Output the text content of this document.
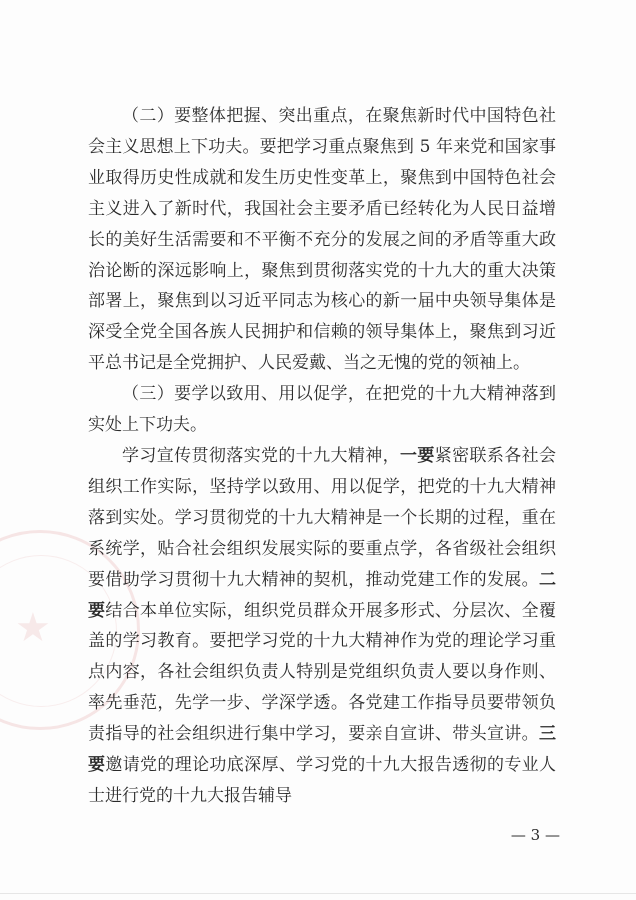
★

（二）要整体把握、突出重点，在聚焦新时代中国特色社会主义思想上下功夫。要把学习重点聚焦到 5 年来党和国家事业取得历史性成就和发生历史性变革上，聚焦到中国特色社会主义进入了新时代，我国社会主要矛盾已经转化为人民日益增长的美好生活需要和不平衡不充分的发展之间的矛盾等重大政治论断的深远影响上，聚焦到贯彻落实党的十九大的重大决策部署上，聚焦到以习近平同志为核心的新一届中央领导集体是深受全党全国各族人民拥护和信赖的领导集体上，聚焦到习近平总书记是全党拥护、人民爱戴、当之无愧的党的领袖上。

（三）要学以致用、用以促学，在把党的十九大精神落到实处上下功夫。

学习宣传贯彻落实党的十九大精神，一要紧密联系各社会组织工作实际，坚持学以致用、用以促学，把党的十九大精神落到实处。学习贯彻党的十九大精神是一个长期的过程，重在系统学，贴合社会组织发展实际的要重点学，各省级社会组织要借助学习贯彻十九大精神的契机，推动党建工作的发展。二要结合本单位实际，组织党员群众开展多形式、分层次、全覆盖的学习教育。要把学习党的十九大精神作为党的理论学习重点内容，各社会组织负责人特别是党组织负责人要以身作则、率先垂范，先学一步、学深学透。各党建工作指导员要带领负责指导的社会组织进行集中学习，要亲自宣讲、带头宣讲。三要邀请党的理论功底深厚、学习党的十九大报告透彻的专业人士进行党的十九大报告辅导

— 3 —
